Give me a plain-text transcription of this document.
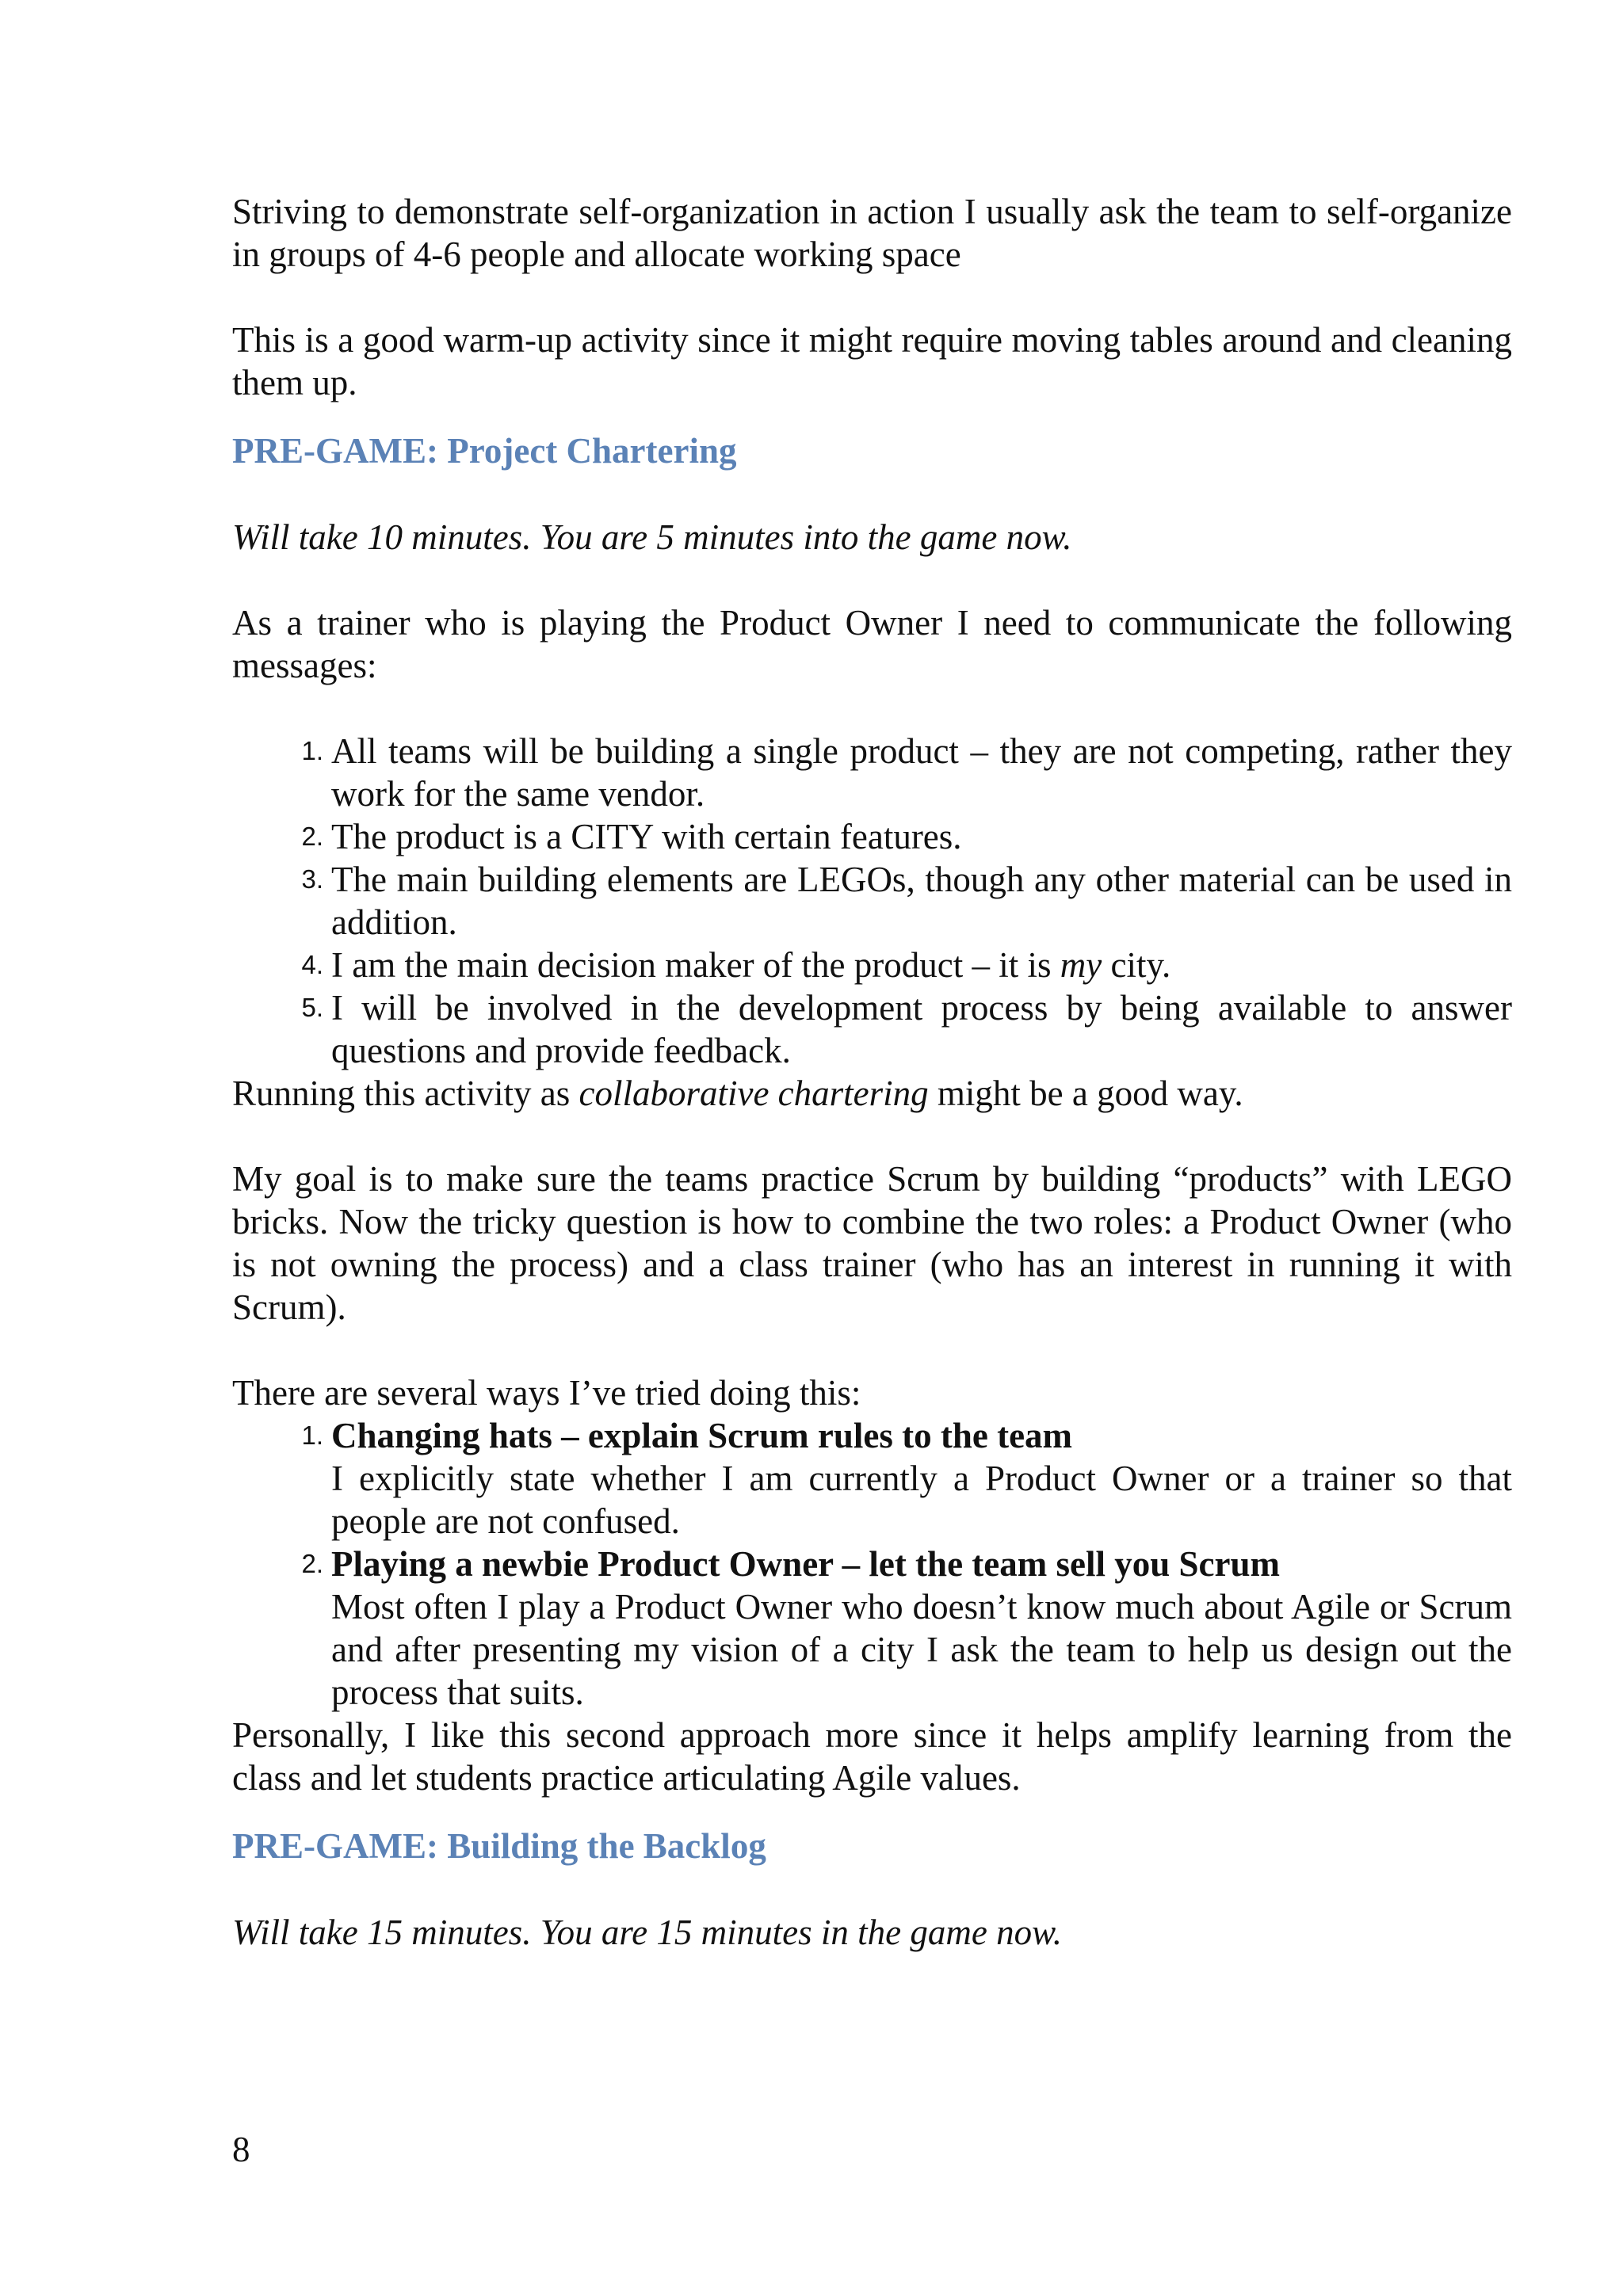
Striving to demonstrate self-organization in action I usually ask the team to self-organize in groups of 4-6 people and allocate working space

This is a good warm-up activity since it might require moving tables around and cleaning them up.

PRE-GAME: Project Chartering

Will take 10 minutes. You are 5 minutes into the game now.

As a trainer who is playing the Product Owner I need to communicate the following messages:

1. All teams will be building a single product – they are not competing, rather they work for the same vendor.
2. The product is a CITY with certain features.
3. The main building elements are LEGOs, though any other material can be used in addition.
4. I am the main decision maker of the product – it is my city.
5. I will be involved in the development process by being available to answer questions and provide feedback.

Running this activity as collaborative chartering might be a good way.

My goal is to make sure the teams practice Scrum by building “products” with LEGO bricks. Now the tricky question is how to combine the two roles: a Product Owner (who is not owning the process) and a class trainer (who has an interest in running it with Scrum).

There are several ways I’ve tried doing this:

1. Changing hats – explain Scrum rules to the team
I explicitly state whether I am currently a Product Owner or a trainer so that people are not confused.
2. Playing a newbie Product Owner – let the team sell you Scrum
Most often I play a Product Owner who doesn’t know much about Agile or Scrum and after presenting my vision of a city I ask the team to help us design out the process that suits.

Personally, I like this second approach more since it helps amplify learning from the class and let students practice articulating Agile values.

PRE-GAME: Building the Backlog

Will take 15 minutes. You are 15 minutes in the game now.

8
